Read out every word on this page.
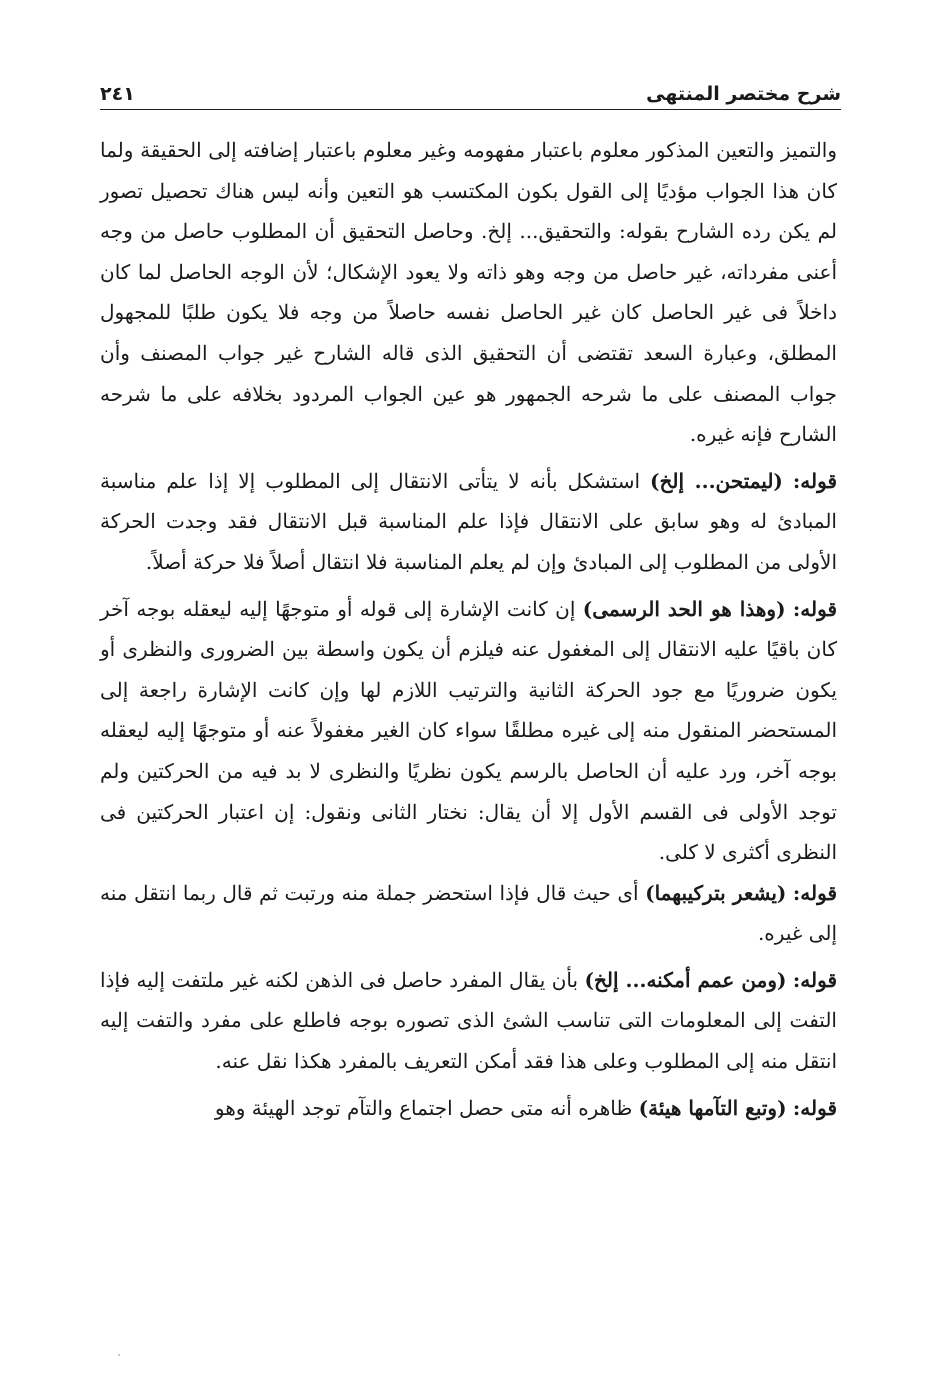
شرح مختصر المنتهى
٢٤١

والتميز والتعين المذكور معلوم باعتبار مفهومه وغير معلوم باعتبار إضافته إلى الحقيقة ولما كان هذا الجواب مؤديًا إلى القول بكون المكتسب هو التعين وأنه ليس هناك تحصيل تصور لم يكن رده الشارح بقوله: والتحقيق... إلخ. وحاصل التحقيق أن المطلوب حاصل من وجه أعنى مفرداته، غير حاصل من وجه وهو ذاته ولا يعود الإشكال؛ لأن الوجه الحاصل لما كان داخلاً فى غير الحاصل كان غير الحاصل نفسه حاصلاً من وجه فلا يكون طلبًا للمجهول المطلق، وعبارة السعد تقتضى أن التحقيق الذى قاله الشارح غير جواب المصنف وأن جواب المصنف على ما شرحه الجمهور هو عين الجواب المردود بخلافه على ما شرحه الشارح فإنه غيره.

قوله: (ليمتحن... إلخ) استشكل بأنه لا يتأتى الانتقال إلى المطلوب إلا إذا علم مناسبة المبادئ له وهو سابق على الانتقال فإذا علم المناسبة قبل الانتقال فقد وجدت الحركة الأولى من المطلوب إلى المبادئ وإن لم يعلم المناسبة فلا انتقال أصلاً فلا حركة أصلاً.

قوله: (وهذا هو الحد الرسمى) إن كانت الإشارة إلى قوله أو متوجهًا إليه ليعقله بوجه آخر كان باقيًا عليه الانتقال إلى المغفول عنه فيلزم أن يكون واسطة بين الضرورى والنظرى أو يكون ضروريًا مع جود الحركة الثانية والترتيب اللازم لها وإن كانت الإشارة راجعة إلى المستحضر المنقول منه إلى غيره مطلقًا سواء كان الغير مغفولاً عنه أو متوجهًا إليه ليعقله بوجه آخر، ورد عليه أن الحاصل بالرسم يكون نظريًا والنظرى لا بد فيه من الحركتين ولم توجد الأولى فى القسم الأول إلا أن يقال: نختار الثانى ونقول: إن اعتبار الحركتين فى النظرى أكثرى لا كلى.

قوله: (يشعر بتركيبهما) أى حيث قال فإذا استحضر جملة منه ورتبت ثم قال ربما انتقل منه إلى غيره.

قوله: (ومن عمم أمكنه... إلخ) بأن يقال المفرد حاصل فى الذهن لكنه غير ملتفت إليه فإذا التفت إلى المعلومات التى تناسب الشئ الذى تصوره بوجه فاطلع على مفرد والتفت إليه انتقل منه إلى المطلوب وعلى هذا فقد أمكن التعريف بالمفرد هكذا نقل عنه.

قوله: (وتبع التآمها هيئة) ظاهره أنه متى حصل اجتماع والتآم توجد الهيئة وهو
